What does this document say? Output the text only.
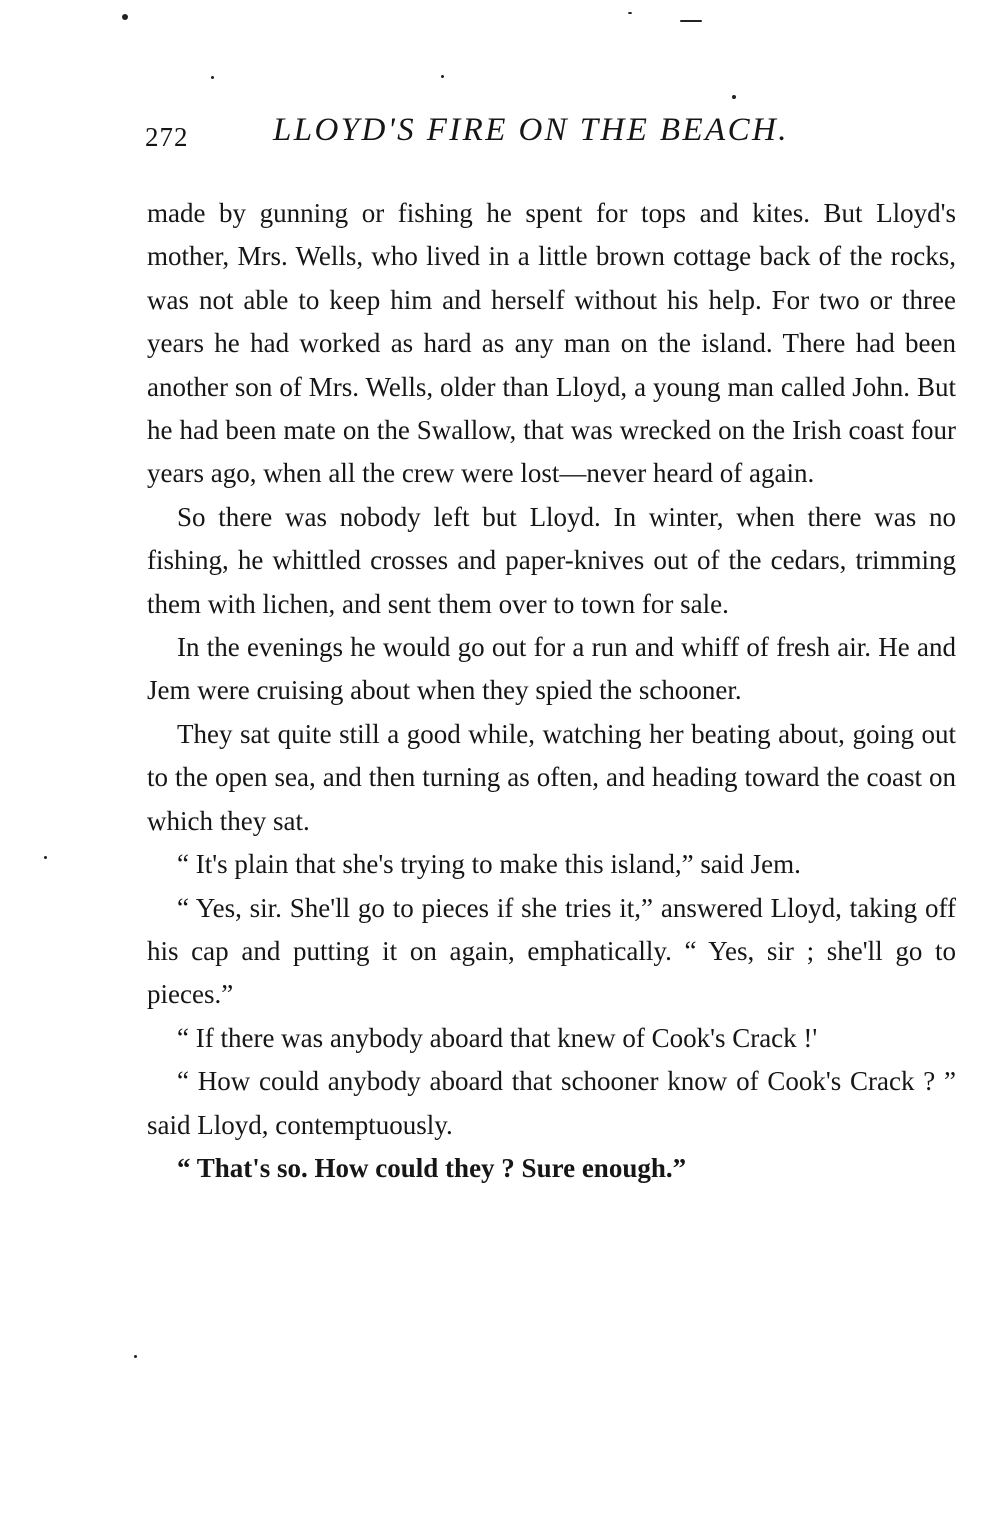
272	LLOYD'S FIRE ON THE BEACH.

made by gunning or fishing he spent for tops and kites. But Lloyd's mother, Mrs. Wells, who lived in a little brown cottage back of the rocks, was not able to keep him and herself without his help. For two or three years he had worked as hard as any man on the island. There had been another son of Mrs. Wells, older than Lloyd, a young man called John. But he had been mate on the Swallow, that was wrecked on the Irish coast four years ago, when all the crew were lost—never heard of again.

So there was nobody left but Lloyd. In winter, when there was no fishing, he whittled crosses and paper-knives out of the cedars, trimming them with lichen, and sent them over to town for sale.

In the evenings he would go out for a run and whiff of fresh air. He and Jem were cruising about when they spied the schooner.

They sat quite still a good while, watching her beating about, going out to the open sea, and then turning as often, and heading toward the coast on which they sat.

“ It's plain that she's trying to make this island,” said Jem.

“ Yes, sir. She'll go to pieces if she tries it,” answered Lloyd, taking off his cap and putting it on again, emphatically. “ Yes, sir ; she'll go to pieces.”

“ If there was anybody aboard that knew of Cook's Crack !'

“ How could anybody aboard that schooner know of Cook's Crack ? ” said Lloyd, contemptuously.

“ That's so. How could they ? Sure enough.”
